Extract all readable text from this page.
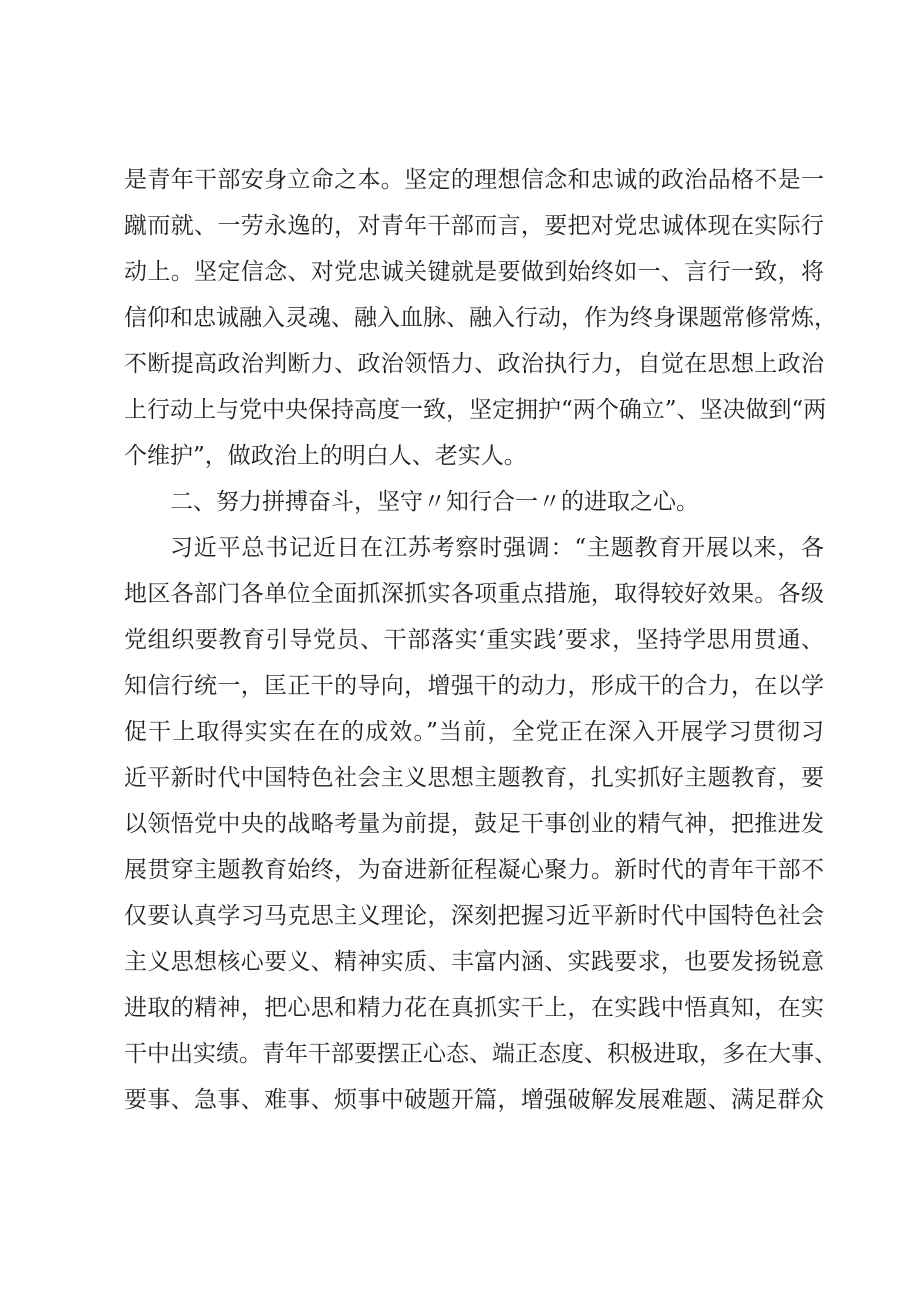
是青年干部安身立命之本。坚定的理想信念和忠诚的政治品格不是一
蹴而就、一劳永逸的，对青年干部而言，要把对党忠诚体现在实际行
动上。坚定信念、对党忠诚关键就是要做到始终如一、言行一致，将
信仰和忠诚融入灵魂、融入血脉、融入行动，作为终身课题常修常炼，
不断提高政治判断力、政治领悟力、政治执行力，自觉在思想上政治
上行动上与党中央保持高度一致，坚定拥护“两个确立”、坚决做到“两
个维护”，做政治上的明白人、老实人。
二、努力拼搏奋斗，坚守〃知行合一〃的进取之心。
习近平总书记近日在江苏考察时强调：“主题教育开展以来，各
地区各部门各单位全面抓深抓实各项重点措施，取得较好效果。各级
党组织要教育引导党员、干部落实‘重实践’要求，坚持学思用贯通、
知信行统一，匡正干的导向，增强干的动力，形成干的合力，在以学
促干上取得实实在在的成效。”当前，全党正在深入开展学习贯彻习
近平新时代中国特色社会主义思想主题教育，扎实抓好主题教育，要
以领悟党中央的战略考量为前提，鼓足干事创业的精气神，把推进发
展贯穿主题教育始终，为奋进新征程凝心聚力。新时代的青年干部不
仅要认真学习马克思主义理论，深刻把握习近平新时代中国特色社会
主义思想核心要义、精神实质、丰富内涵、实践要求，也要发扬锐意
进取的精神，把心思和精力花在真抓实干上，在实践中悟真知，在实
干中出实绩。青年干部要摆正心态、端正态度、积极进取，多在大事、
要事、急事、难事、烦事中破题开篇，增强破解发展难题、满足群众
